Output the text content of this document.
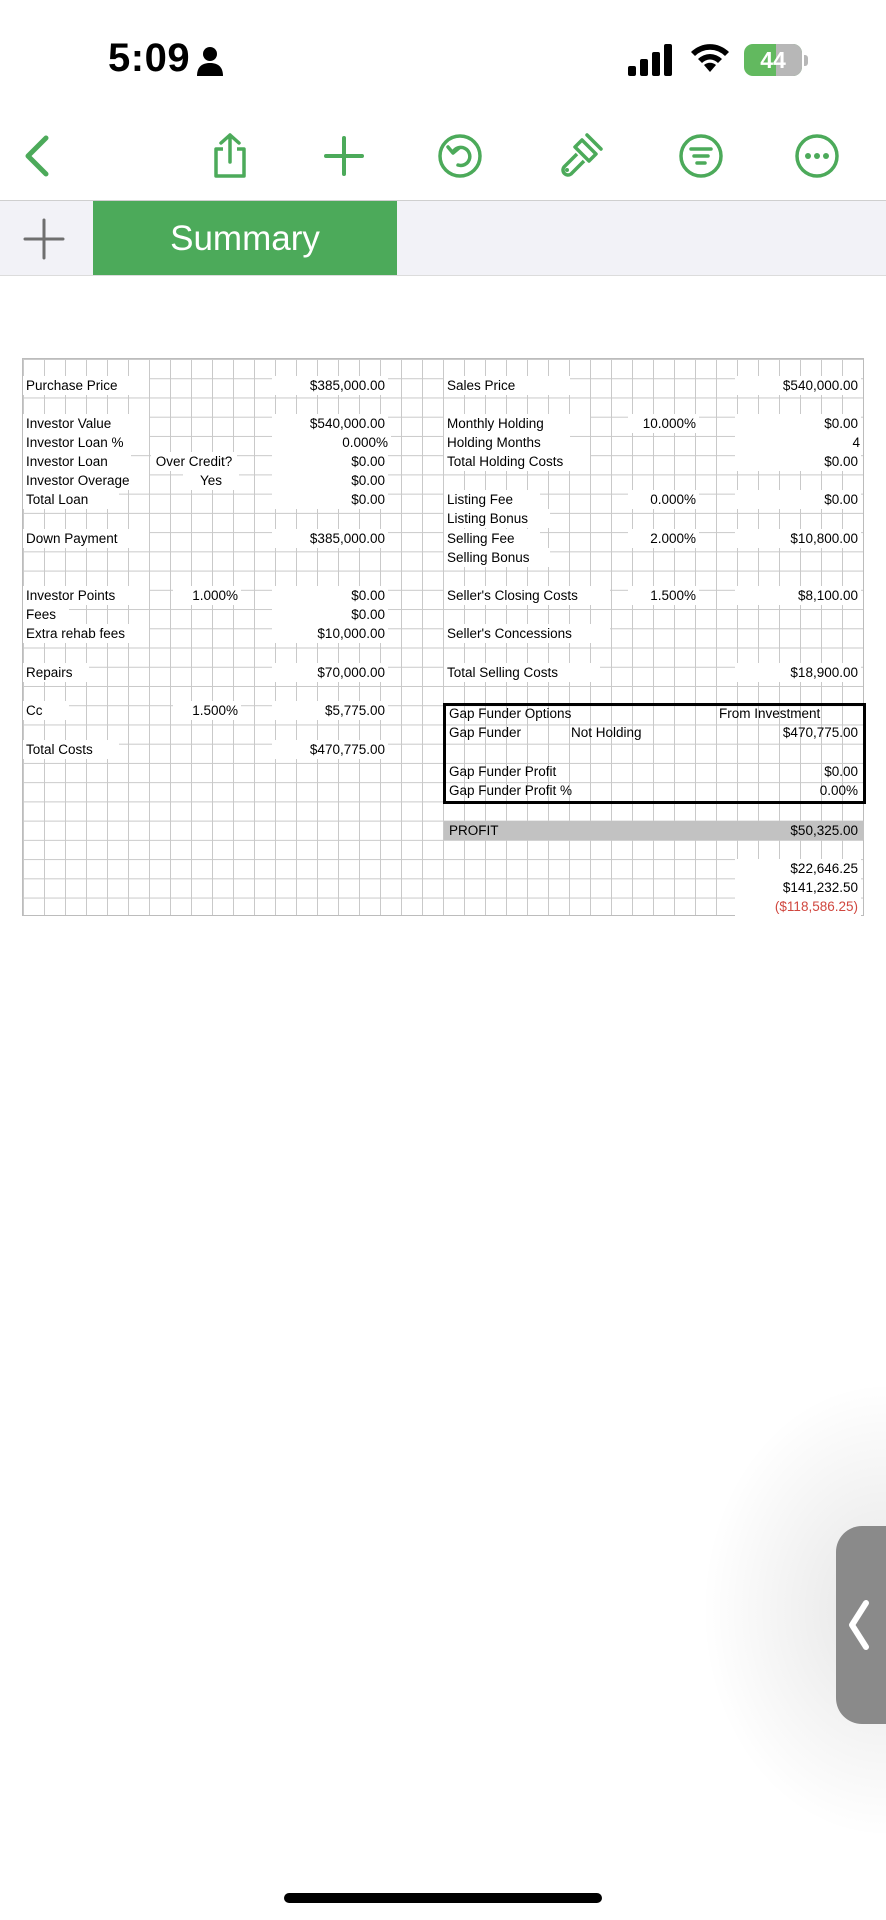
5:09	44
Summary
Purchase Price	$385,000.00
Investor Value	$540,000.00
Investor Loan %	0.000%
Investor Loan	Over Credit?	$0.00
Investor Overage	Yes	$0.00
Total Loan	$0.00
Down Payment	$385,000.00
Investor Points	1.000%	$0.00
Fees	$0.00
Extra rehab fees	$10,000.00
Repairs	$70,000.00
Cc	1.500%	$5,775.00
Total Costs	$470,775.00
Sales Price	$540,000.00
Monthly Holding	10.000%	$0.00
Holding Months	4
Total Holding Costs	$0.00
Listing Fee	0.000%	$0.00
Listing Bonus
Selling Fee	2.000%	$10,800.00
Selling Bonus
Seller's Closing Costs	1.500%	$8,100.00
Seller's Concessions
Total Selling Costs	$18,900.00
Gap Funder Options	From Investment
Gap Funder	Not Holding	$470,775.00
Gap Funder Profit	$0.00
Gap Funder Profit %	0.00%
PROFIT	$50,325.00
$22,646.25
$141,232.50
($118,586.25)
